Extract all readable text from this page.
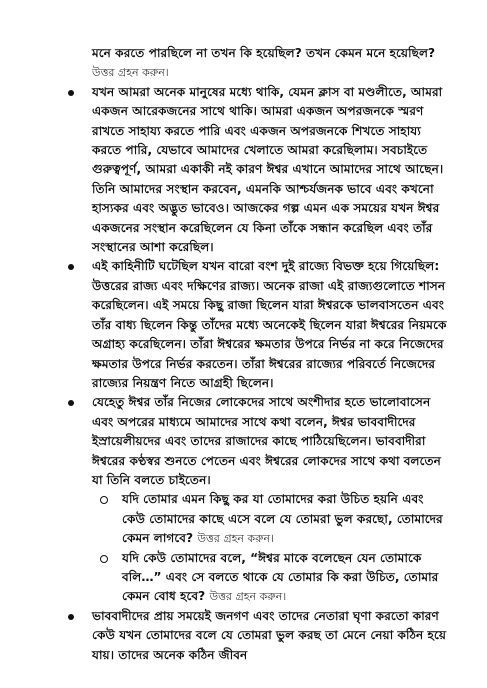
মনে করতে পারছিলে না তখন কি হয়েছিল? তখন কেমন মনে হয়েছিল? উত্তর গ্রহন করুন।

যখন আমরা অনেক মানুষের মধ্যে থাকি, যেমন ক্লাস বা মণ্ডলীতে, আমরা একজন আরেকজনের সাথে থাকি। আমরা একজন অপরজনকে স্মরণ রাখতে সাহায্য করতে পারি এবং একজন অপরজনকে শিখতে সাহায্য করতে পারি, যেভাবে আমাদের খেলাতে আমরা করেছিলাম। সবচাইতে গুরুত্বপূর্ণ, আমরা একাকী নই কারণ ঈশ্বর এখানে আমাদের সাথে আছেন। তিনি আমাদের সংস্থান করবেন, এমনকি আশ্চর্যজনক ভাবে এবং কখনো হাস্যকর এবং অদ্ভুত ভাবেও। আজকের গল্প এমন এক সময়ের যখন ঈশ্বর একজনের সংস্থান করেছিলেন যে কিনা তাঁকে সন্ধান করেছিল এবং তাঁর সংস্থানের আশা করেছিল।
এই কাহিনীটি ঘটেছিল যখন বারো বংশ দুই রাজ্যে বিভক্ত হয়ে গিয়েছিল: উত্তরের রাজ্য এবং দক্ষিণের রাজ্য। অনেক রাজা এই রাজ্যগুলোতে শাসন করেছিলেন। এই সময়ে কিছু রাজা ছিলেন যারা ঈশ্বরকে ভালবাসতেন এবং তাঁর বাধ্য ছিলেন কিন্তু তাঁদের মধ্যে অনেকেই ছিলেন যারা ঈশ্বরের নিয়মকে অগ্রাহ্য করেছিলেন। তাঁরা ঈশ্বরের ক্ষমতার উপরে নির্ভর না করে নিজেদের ক্ষমতার উপরে নির্ভর করতেন। তাঁরা ঈশ্বরের রাজ্যের পরিবর্তে নিজেদের রাজ্যের নিয়ন্ত্রণ নিতে আগ্রহী ছিলেন।
যেহেতু ঈশ্বর তাঁর নিজের লোকেদের সাথে অংশীদার হতে ভালোবাসেন এবং অপরের মাধ্যমে আমাদের সাথে কথা বলেন, ঈশ্বর ভাববাদীদের ইস্রায়েলীয়দের এবং তাদের রাজাদের কাছে পাঠিয়েছিলেন। ভাববাদীরা ঈশ্বরের কণ্ঠস্বর শুনতে পেতেন এবং ঈশ্বরের লোকদের সাথে কথা বলতেন যা তিনি বলতে চাইতেন।
যদি তোমার এমন কিছু কর যা তোমাদের করা উচিত হয়নি এবং কেউ তোমাদের কাছে এসে বলে যে তোমরা ভুল করছো, তোমাদের কেমন লাগবে? উত্তর গ্রহন করুন।
যদি কেউ তোমাদের বলে, “ঈশ্বর মাকে বলেছেন যেন তোমাকে বলি…” এবং সে বলতে থাকে যে তোমার কি করা উচিত, তোমার কেমন বোধ হবে? উত্তর গ্রহন করুন।
ভাববাদীদের প্রায় সময়েই জনগণ এবং তাদের নেতারা ঘৃণা করতো কারণ কেউ যখন তোমাদের বলে যে তোমরা ভুল করছ তা মেনে নেয়া কঠিন হয়ে যায়। তাদের অনেক কঠিন জীবন
